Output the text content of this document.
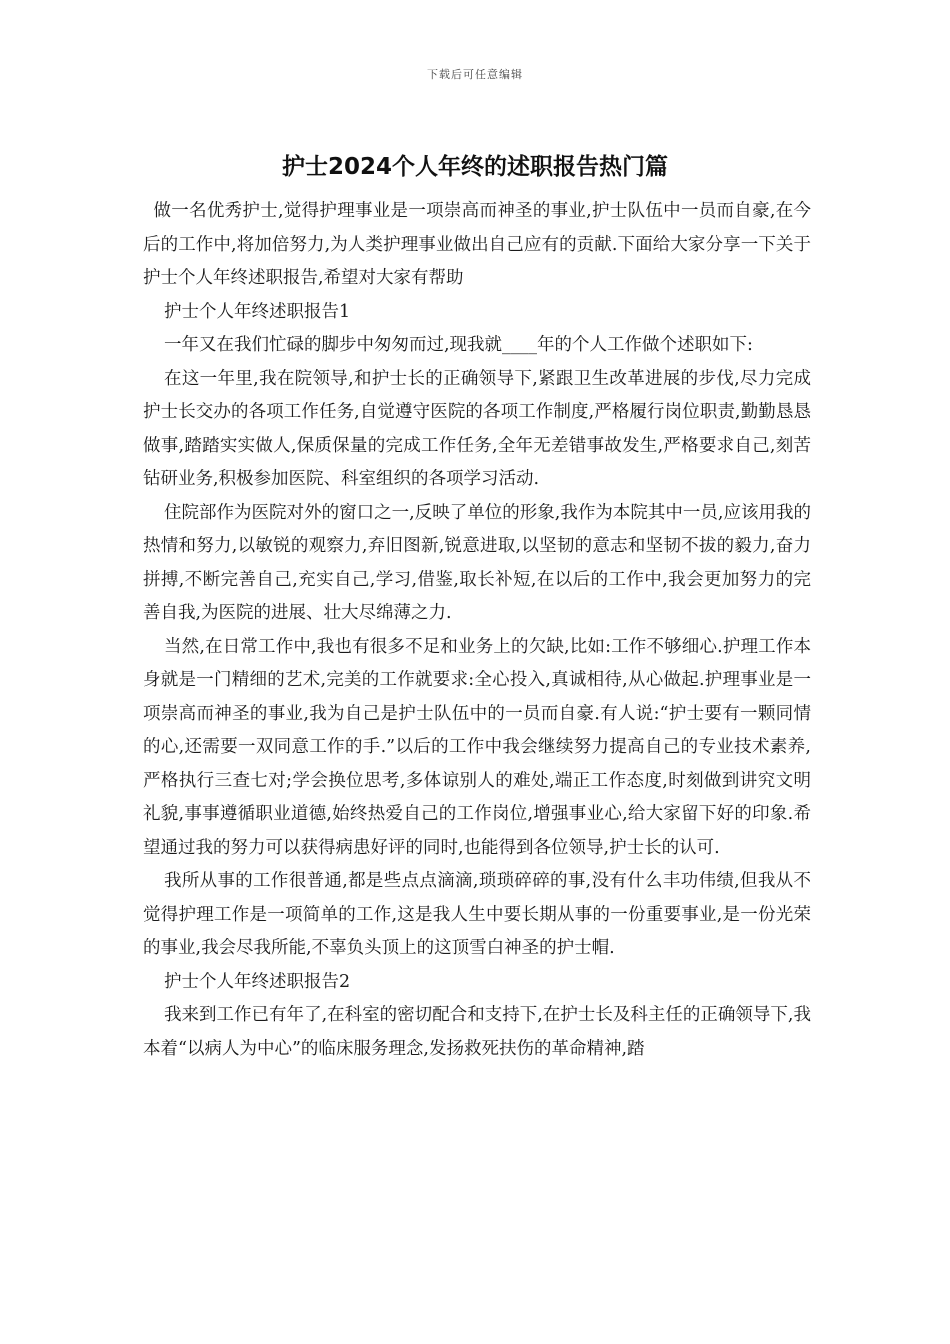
下载后可任意编辑
护士2024个人年终的述职报告热门篇

做一名优秀护士,觉得护理事业是一项崇高而神圣的事业,护士队伍中一员而自豪,在今后的工作中,将加倍努力,为人类护理事业做出自己应有的贡献.下面给大家分享一下关于护士个人年终述职报告,希望对大家有帮助

护士个人年终述职报告1

一年又在我们忙碌的脚步中匆匆而过,现我就____年的个人工作做个述职如下:

在这一年里,我在院领导,和护士长的正确领导下,紧跟卫生改革进展的步伐,尽力完成护士长交办的各项工作任务,自觉遵守医院的各项工作制度,严格履行岗位职责,勤勤恳恳做事,踏踏实实做人,保质保量的完成工作任务,全年无差错事故发生,严格要求自己,刻苦钻研业务,积极参加医院、科室组织的各项学习活动.

住院部作为医院对外的窗口之一,反映了单位的形象,我作为本院其中一员,应该用我的热情和努力,以敏锐的观察力,弃旧图新,锐意进取,以坚韧的意志和坚韧不拔的毅力,奋力拼搏,不断完善自己,充实自己,学习,借鉴,取长补短,在以后的工作中,我会更加努力的完善自我,为医院的进展、壮大尽绵薄之力.

当然,在日常工作中,我也有很多不足和业务上的欠缺,比如:工作不够细心.护理工作本身就是一门精细的艺术,完美的工作就要求:全心投入,真诚相待,从心做起.护理事业是一项崇高而神圣的事业,我为自己是护士队伍中的一员而自豪.有人说:“护士要有一颗同情的心,还需要一双同意工作的手.”以后的工作中我会继续努力提高自己的专业技术素养,严格执行三查七对;学会换位思考,多体谅别人的难处,端正工作态度,时刻做到讲究文明礼貌,事事遵循职业道德,始终热爱自己的工作岗位,增强事业心,给大家留下好的印象.希望通过我的努力可以获得病患好评的同时,也能得到各位领导,护士长的认可.

我所从事的工作很普通,都是些点点滴滴,琐琐碎碎的事,没有什么丰功伟绩,但我从不觉得护理工作是一项简单的工作,这是我人生中要长期从事的一份重要事业,是一份光荣的事业,我会尽我所能,不辜负头顶上的这顶雪白神圣的护士帽.

护士个人年终述职报告2

我来到工作已有年了,在科室的密切配合和支持下,在护士长及科主任的正确领导下,我本着“以病人为中心”的临床服务理念,发扬救死扶伤的革命精神,踏
